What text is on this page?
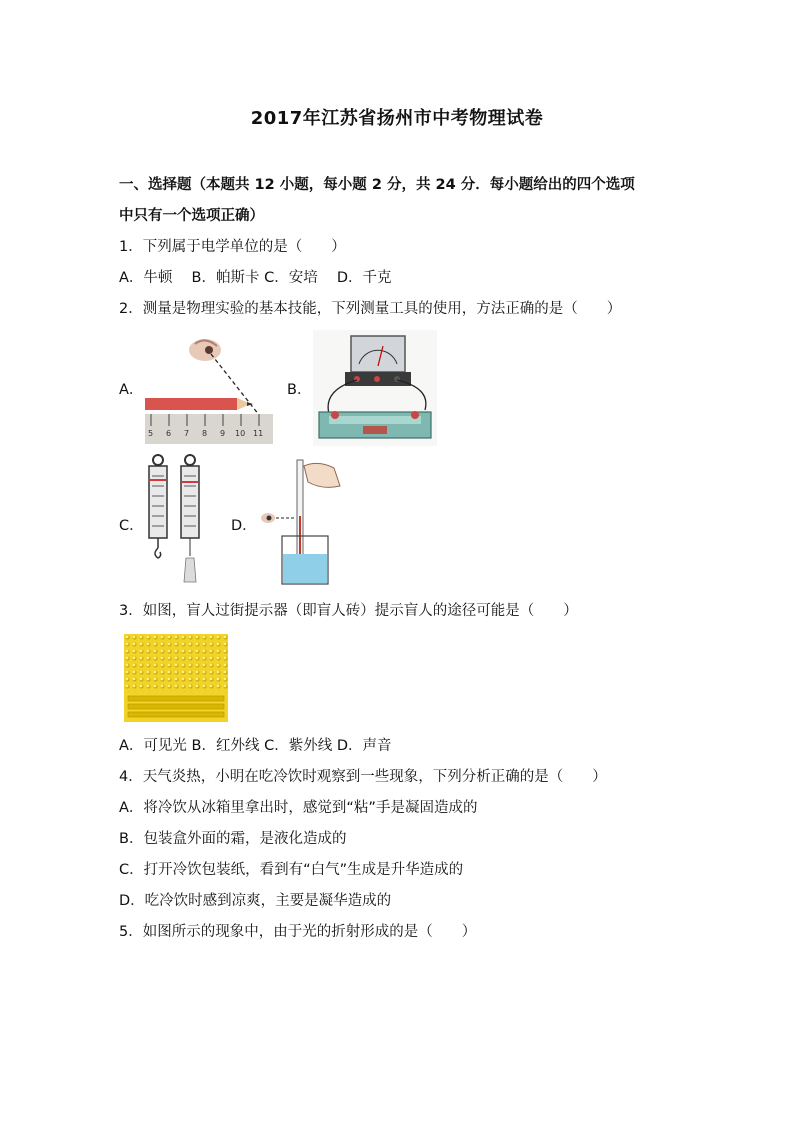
2017年江苏省扬州市中考物理试卷
一、选择题（本题共 12 小题，每小题 2 分，共 24 分．每小题给出的四个选项
中只有一个选项正确）
1．下列属于电学单位的是（　　）
A．牛顿　 B．帕斯卡 C．安培　 D．千克
2．测量是物理实验的基本技能，下列测量工具的使用，方法正确的是（　　）
A．
5 6 7 8 9 10 11
B．
C．	D．
3．如图，盲人过街提示器（即盲人砖）提示盲人的途径可能是（　　）
A．可见光 B．红外线 C．紫外线 D．声音
4．天气炎热，小明在吃冷饮时观察到一些现象，下列分析正确的是（　　）
A．将冷饮从冰箱里拿出时，感觉到“粘”手是凝固造成的
B．包装盒外面的霜，是液化造成的
C．打开冷饮包装纸，看到有“白气”生成是升华造成的
D．吃冷饮时感到凉爽，主要是凝华造成的
5．如图所示的现象中，由于光的折射形成的是（　　）
